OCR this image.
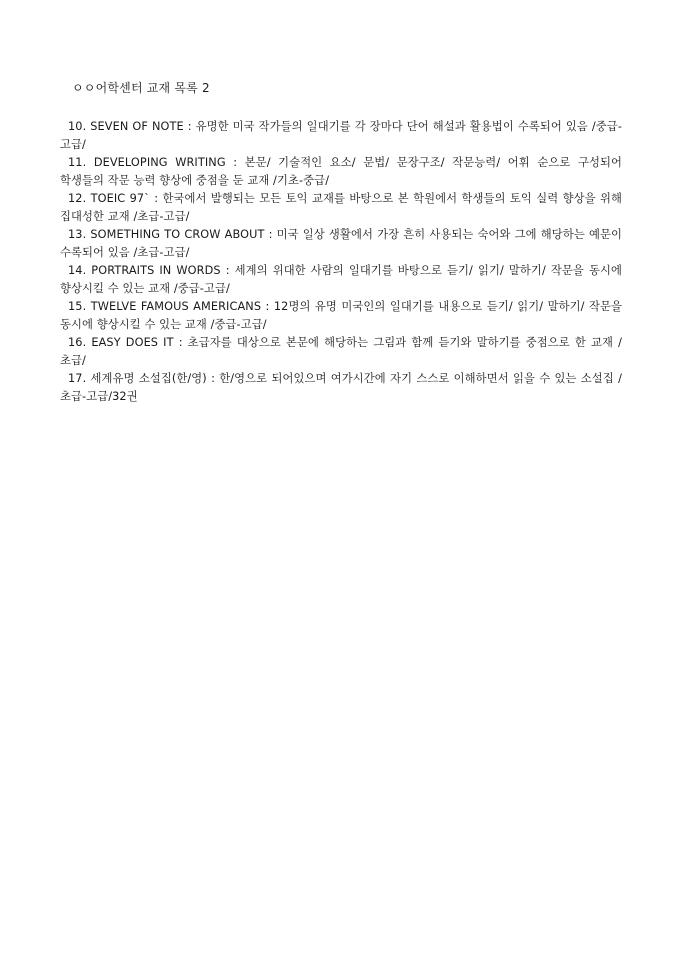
ㅇㅇ어학센터 교재 목록 2

10. SEVEN OF NOTE : 유명한 미국 작가들의 일대기를 각 장마다 단어 해설과 활용법이 수록되어 있음 /중급-고급/

11. DEVELOPING WRITING : 본문/ 기술적인 요소/ 문법/ 문장구조/ 작문능력/ 어휘 순으로 구성되어 학생들의 작문 능력 향상에 중점을 둔 교재 /기초-중급/

12. TOEIC 97` : 한국에서 발행되는 모든 토익 교재를 바탕으로 본 학원에서 학생들의 토익 실력 향상을 위해 집대성한 교재 /초급-고급/

13. SOMETHING TO CROW ABOUT : 미국 일상 생활에서 가장 흔히 사용되는 숙어와 그에 해당하는 예문이 수록되어 있음 /초급-고급/

14. PORTRAITS IN WORDS : 세계의 위대한 사람의 일대기를 바탕으로 듣기/ 읽기/ 말하기/ 작문을 동시에 향상시킬 수 있는 교재 /중급-고급/

15. TWELVE FAMOUS AMERICANS : 12명의 유명 미국인의 일대기를 내용으로 듣기/ 읽기/ 말하기/ 작문을 동시에 향상시킬 수 있는 교재 /중급-고급/

16. EASY DOES IT : 초급자를 대상으로 본문에 해당하는 그림과 함께 듣기와 말하기를 중점으로 한 교재 /초급/

17. 세계유명 소설집(한/영) : 한/영으로 되어있으며 여가시간에 자기 스스로 이해하면서 읽을 수 있는 소설집 /초급-고급/32권
